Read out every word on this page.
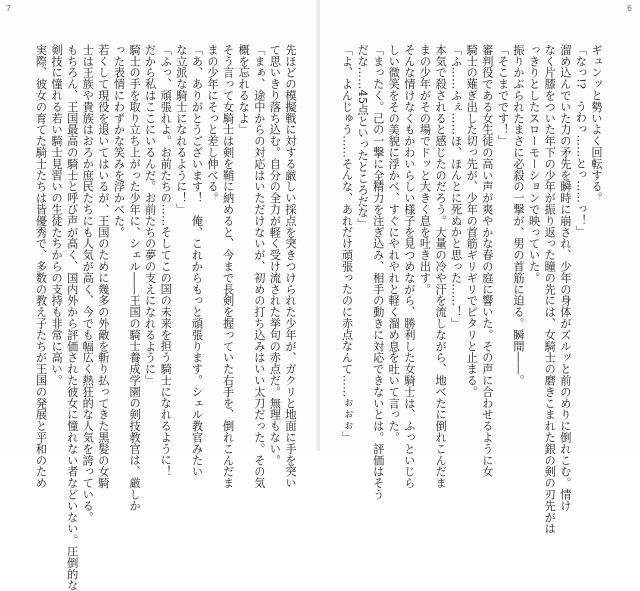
7
先ほどの模擬戦に対する厳しい採点を突きつけられた少年が、ガクリと地面に手を突い
て思いきり落ち込む。自分の全力が軽く受け流された挙句の赤点だ。無理もない。
「まぁ、途中からの対応はいただけないが、初めの打ち込みはいい太刀だった。その気
概を忘れるなよ」
そう言って女騎士は剣を鞘に納めると、今まで長剣を握っていた右手を、倒れこんだま
まの少年にそっと差し伸べる。
「あ、ありがとうございます！　俺、これからもっと頑張ります。シェル教官みたい
な立派な騎士になれるように！」
「ふっ、頑張れよ。お前たちの……そしてこの国の未来を担う騎士になれるように！
だから私はここにいるんだ。お前たちの夢の支えになれるように」
騎士の手を取り立ち上がった少年に、シェル――王国の騎士養成学園の剣技教官は、厳しか
った表情にわずかな笑みを浮かべた。
若くして現役を退いてはいるが、王国のために幾多の外敵を斬り払ってきた黒髪の女騎
士は王族や貴族はおろか庶民たちにも人気が高く、今でも幅広く熱狂的な人気を誇っている。
もちろん、王国最高の騎士と呼び声が高く、国内外から評価された彼女に憧れない者などいない。圧倒的な
剣技に憧れる若い騎士見習いの生徒たちからの支持も非常に高い。
実際、彼女の育てた騎士たちは皆優秀で、多数の教え子たちが王国の発展と平和のため
6
ギュンッと勢いよく回転する。
「なっ!?　うわっ……とっ……っ！」
溜め込んでいた力の矛先を瞬時に崩され、少年の身体がズルッと前のめりに倒れこむ。情け
なく片膝をついた年下の少年が振り返った瞳の先には、女騎士の磨きこまれた銀の剣の刃先がは
っきりとしたスローモーションで映っていた。
振りかぶられたまさに必殺の一撃が、男の首筋に迫る。瞬間――。
「そこまでです！」
審判役である女生徒の高い声が爽やかな春の庭に響いた。その声に合わせるように女
騎士の薙ぎ出した切っ先が、少年の首筋ギリギリでピタリと止まる。
「ふ……ふぇ……ほ、ほんとに死ぬかと思った……！」
本気で殺されると感じたのだろう。大量の冷や汗を流しながら、地べたに倒れこんだま
まの少年がその場でドッと大きく息を吐き出す。
そんな情けなくもかわいらしい様子を見つめながら、勝利した女騎士は、ふっといじら
しい微笑をその美貌に浮かべ、すぐにやれやれと軽く溜め息を吐いて言った。
「まったく。己の一撃に全精力を注ぎ込み、相手の動きに対応できないとは。評価はそう
だな……45点といったところだな」
「よ、よんじゅう……そんな、あれだけ頑張ったのに赤点なんて……ぉぉぉ」
